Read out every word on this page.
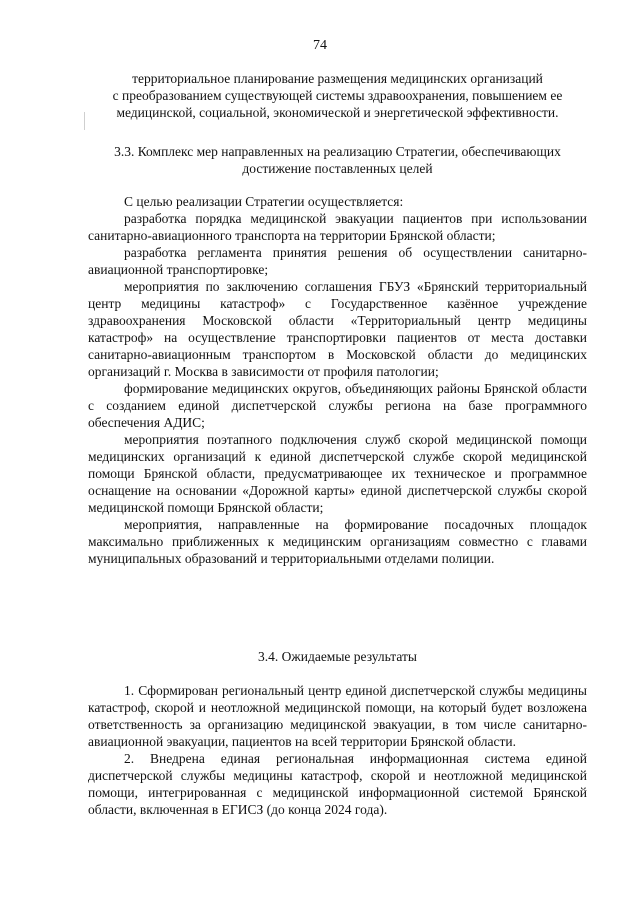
74
территориальное планирование размещения медицинских организаций
с преобразованием существующей системы здравоохранения, повышением ее
медицинской, социальной, экономической и энергетической эффективности.
3.3. Комплекс мер направленных на реализацию Стратегии, обеспечивающих
достижение поставленных целей

С целью реализации Стратегии осуществляется:

разработка порядка медицинской эвакуации пациентов при использовании санитарно-авиационного транспорта на территории Брянской области;

разработка регламента принятия решения об осуществлении санитарно-авиационной транспортировке;

мероприятия по заключению соглашения ГБУЗ «Брянский территориальный центр медицины катастроф» с Государственное казённое учреждение здравоохранения Московской области «Территориальный центр медицины катастроф» на осуществление транспортировки пациентов от места доставки санитарно-авиационным транспортом в Московской области до медицинских организаций г. Москва в зависимости от профиля патологии;

формирование медицинских округов, объединяющих районы Брянской области с созданием единой диспетчерской службы региона на базе программного обеспечения АДИС;

мероприятия поэтапного подключения служб скорой медицинской помощи медицинских организаций к единой диспетчерской службе скорой медицинской помощи Брянской области, предусматривающее их техническое и программное оснащение на основании «Дорожной карты» единой диспетчерской службы скорой медицинской помощи Брянской области;

мероприятия, направленные на формирование посадочных площадок максимально приближенных к медицинским организациям совместно с главами муниципальных образований и территориальными отделами полиции.

3.4. Ожидаемые результаты

1. Сформирован региональный центр единой диспетчерской службы медицины катастроф, скорой и неотложной медицинской помощи, на который будет возложена ответственность за организацию медицинской эвакуации, в том числе санитарно-авиационной эвакуации, пациентов на всей территории Брянской области.

2. Внедрена единая региональная информационная система единой диспетчерской службы медицины катастроф, скорой и неотложной медицинской помощи, интегрированная с медицинской информационной системой Брянской области, включенная в ЕГИСЗ (до конца 2024 года).
